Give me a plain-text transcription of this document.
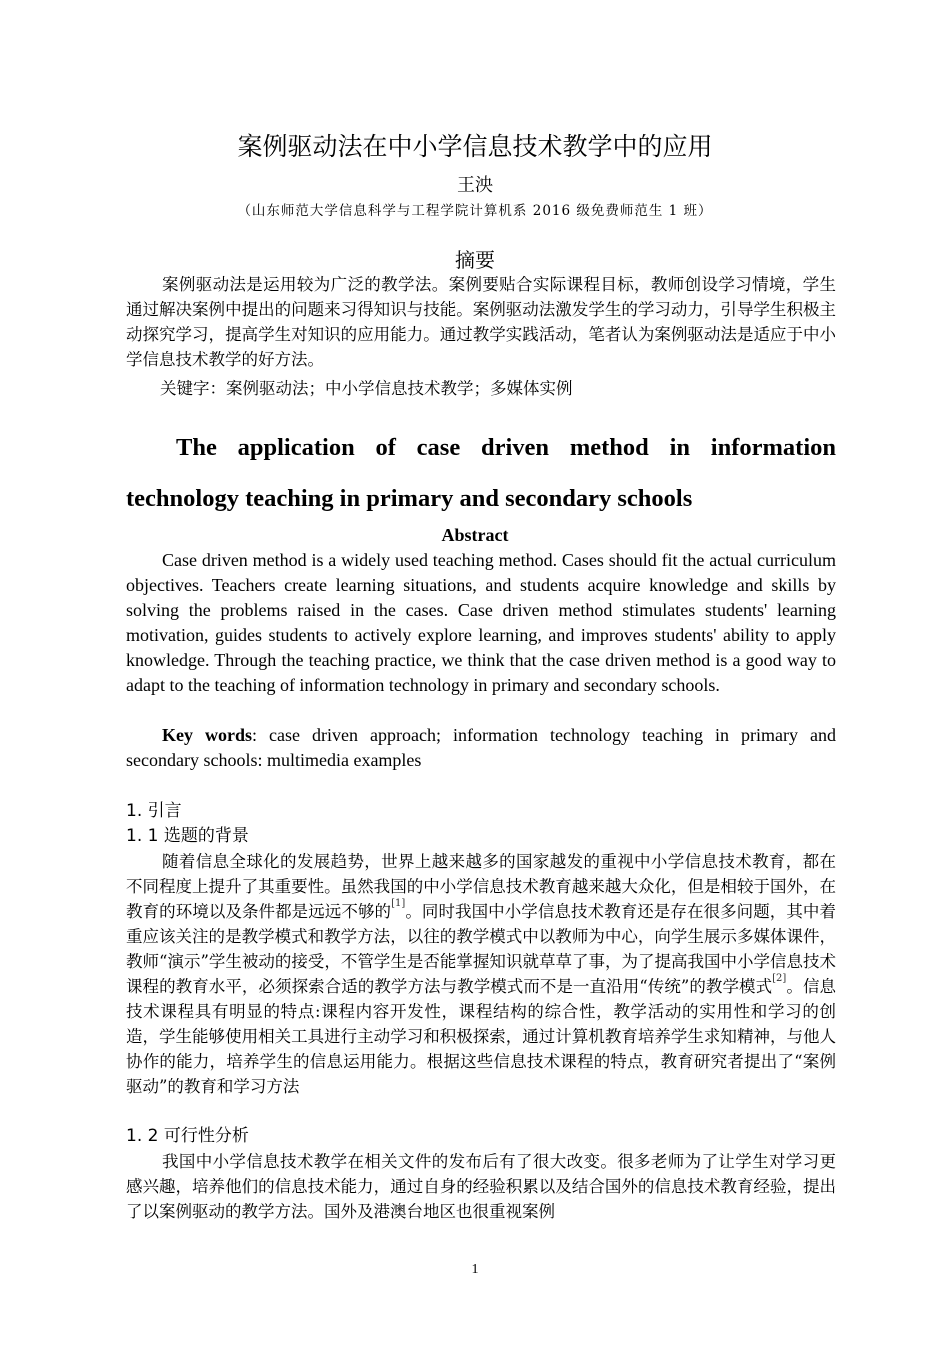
案例驱动法在中小学信息技术教学中的应用
王泱
（山东师范大学信息科学与工程学院计算机系 2016 级免费师范生 1 班）
摘要
案例驱动法是运用较为广泛的教学法。案例要贴合实际课程目标，教师创设学习情境，学生通过解决案例中提出的问题来习得知识与技能。案例驱动法激发学生的学习动力，引导学生积极主动探究学习，提高学生对知识的应用能力。通过教学实践活动，笔者认为案例驱动法是适应于中小学信息技术教学的好方法。
关键字：案例驱动法；中小学信息技术教学；多媒体实例
The application of case driven method in information
technology teaching in primary and secondary schools
Abstract
Case driven method is a widely used teaching method. Cases should fit the actual curriculum objectives. Teachers create learning situations, and students acquire knowledge and skills by solving the problems raised in the cases. Case driven method stimulates students' learning motivation, guides students to actively explore learning, and improves students' ability to apply knowledge. Through the teaching practice, we think that the case driven method is a good way to adapt to the teaching of information technology in primary and secondary schools.
Key words: case driven approach; information technology teaching in primary and secondary schools: multimedia examples
1. 引言
1. 1 选题的背景
随着信息全球化的发展趋势，世界上越来越多的国家越发的重视中小学信息技术教育，都在不同程度上提升了其重要性。虽然我国的中小学信息技术教育越来越大众化，但是相较于国外，在教育的环境以及条件都是远远不够的[1]。同时我国中小学信息技术教育还是存在很多问题，其中着重应该关注的是教学模式和教学方法，以往的教学模式中以教师为中心，向学生展示多媒体课件，教师“演示”学生被动的接受，不管学生是否能掌握知识就草草了事，为了提高我国中小学信息技术课程的教育水平，必须探索合适的教学方法与教学模式而不是一直沿用“传统”的教学模式[2]。信息技术课程具有明显的特点:课程内容开发性，课程结构的综合性，教学活动的实用性和学习的创造，学生能够使用相关工具进行主动学习和积极探索，通过计算机教育培养学生求知精神，与他人协作的能力，培养学生的信息运用能力。根据这些信息技术课程的特点，教育研究者提出了“案例驱动”的教育和学习方法
1. 2 可行性分析
我国中小学信息技术教学在相关文件的发布后有了很大改变。很多老师为了让学生对学习更感兴趣，培养他们的信息技术能力，通过自身的经验积累以及结合国外的信息技术教育经验，提出了以案例驱动的教学方法。国外及港澳台地区也很重视案例
1
